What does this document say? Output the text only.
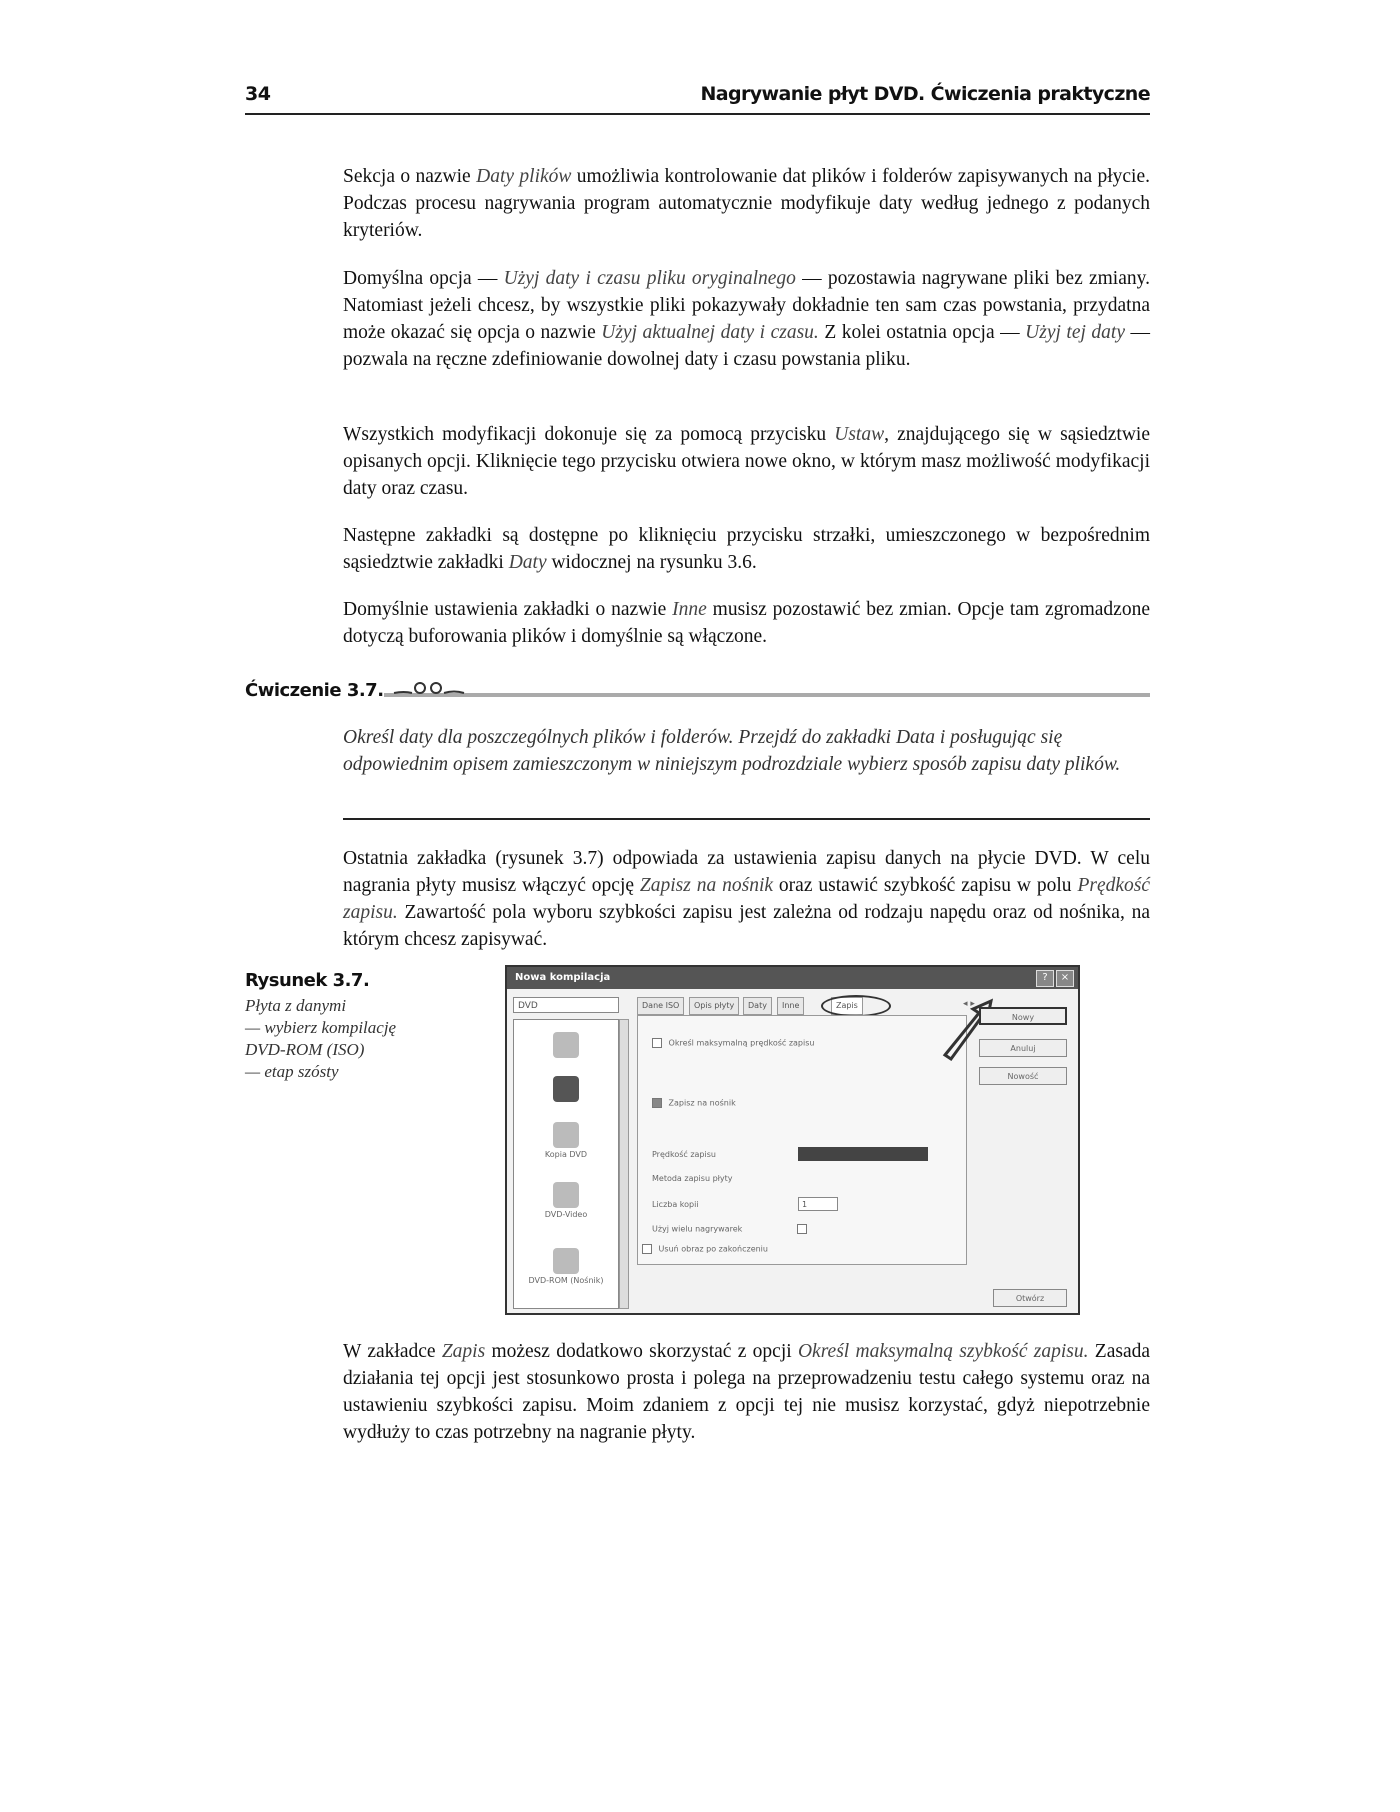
34	Nagrywanie płyt DVD. Ćwiczenia praktyczne

Sekcja o nazwie Daty plików umożliwia kontrolowanie dat plików i folderów zapisywanych na płycie. Podczas procesu nagrywania program automatycznie modyfikuje daty według jednego z podanych kryteriów.

Domyślna opcja — Użyj daty i czasu pliku oryginalnego — pozostawia nagrywane pliki bez zmiany. Natomiast jeżeli chcesz, by wszystkie pliki pokazywały dokładnie ten sam czas powstania, przydatna może okazać się opcja o nazwie Użyj aktualnej daty i czasu. Z kolei ostatnia opcja — Użyj tej daty — pozwala na ręczne zdefiniowanie dowolnej daty i czasu powstania pliku.

Wszystkich modyfikacji dokonuje się za pomocą przycisku Ustaw, znajdującego się w sąsiedztwie opisanych opcji. Kliknięcie tego przycisku otwiera nowe okno, w którym masz możliwość modyfikacji daty oraz czasu.

Następne zakładki są dostępne po kliknięciu przycisku strzałki, umieszczonego w bezpośrednim sąsiedztwie zakładki Daty widocznej na rysunku 3.6.

Domyślnie ustawienia zakładki o nazwie Inne musisz pozostawić bez zmian. Opcje tam zgromadzone dotyczą buforowania plików i domyślnie są włączone.

Ćwiczenie 3.7.

Określ daty dla poszczególnych plików i folderów. Przejdź do zakładki Data i posługując się odpowiednim opisem zamieszczonym w niniejszym podrozdziale wybierz sposób zapisu daty plików.

Ostatnia zakładka (rysunek 3.7) odpowiada za ustawienia zapisu danych na płycie DVD. W celu nagrania płyty musisz włączyć opcję Zapisz na nośnik oraz ustawić szybkość zapisu w polu Prędkość zapisu. Zawartość pola wyboru szybkości zapisu jest zależna od rodzaju napędu oraz od nośnika, na którym chcesz zapisywać.

Rysunek 3.7.

Płyta z danymi
— wybierz kompilację
DVD-ROM (ISO)
— etap szósty

Nowa kompilacja	?	×
DVD
Kopia DVD
DVD-Video
DVD-ROM (Nośnik)
Dane ISO	Opis płyty	Daty	Inne	Zapis	◂ ▸
Określ maksymalną prędkość zapisu
Zapisz na nośnik
Prędkość zapisu
Metoda zapisu płyty
Liczba kopii	1
Użyj wielu nagrywarek
Usuń obraz po zakończeniu
Nowy
Anuluj
Nowość
Otwórz

W zakładce Zapis możesz dodatkowo skorzystać z opcji Określ maksymalną szybkość zapisu. Zasada działania tej opcji jest stosunkowo prosta i polega na przeprowadzeniu testu całego systemu oraz na ustawieniu szybkości zapisu. Moim zdaniem z opcji tej nie musisz korzystać, gdyż niepotrzebnie wydłuży to czas potrzebny na nagranie płyty.
